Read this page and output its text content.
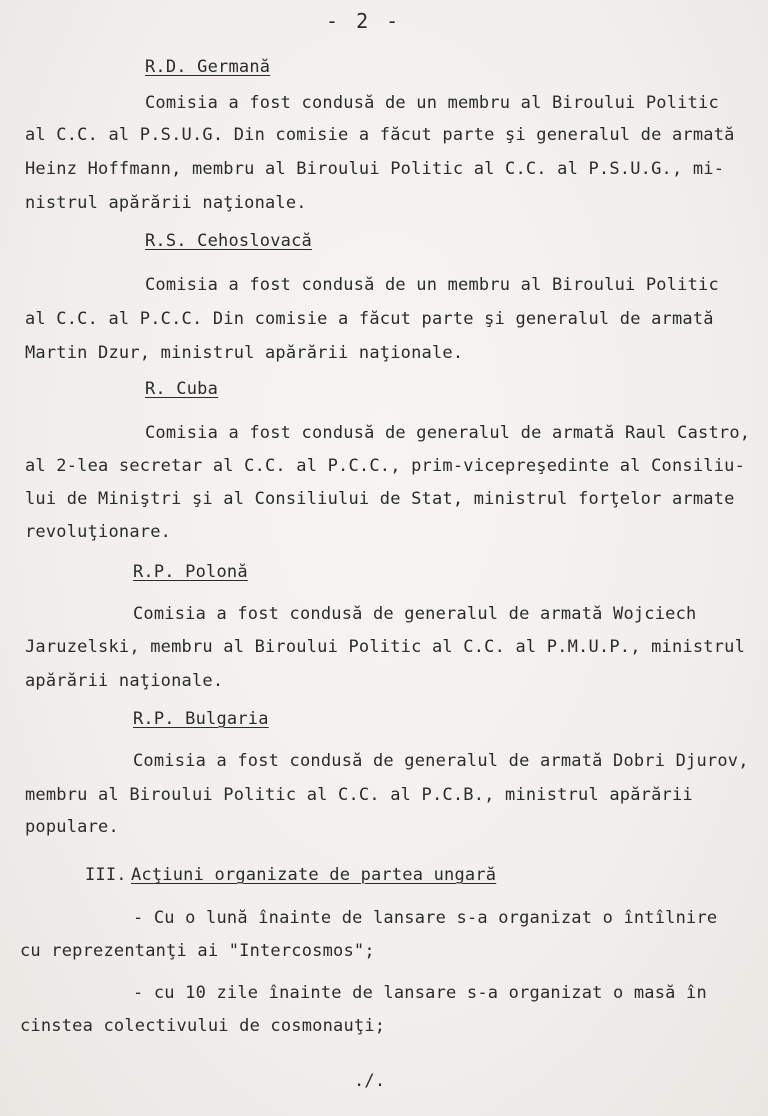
- 2 -
R.D. Germană
Comisia a fost condusă de un membru al Biroului Politic
al C.C. al P.S.U.G. Din comisie a făcut parte şi generalul de armată
Heinz Hoffmann, membru al Biroului Politic al C.C. al P.S.U.G., mi-
nistrul apărării naţionale.
R.S. Cehoslovacă
Comisia a fost condusă de un membru al Biroului Politic
al C.C. al P.C.C. Din comisie a făcut parte şi generalul de armată
Martin Dzur, ministrul apărării naţionale.
R. Cuba
Comisia a fost condusă de generalul de armată Raul Castro,
al 2-lea secretar al C.C. al P.C.C., prim-vicepreşedinte al Consiliu-
lui de Miniştri şi al Consiliului de Stat, ministrul forţelor armate
revoluţionare.
R.P. Polonă
Comisia a fost condusă de generalul de armată Wojciech
Jaruzelski, membru al Biroului Politic al C.C. al P.M.U.P., ministrul
apărării naţionale.
R.P. Bulgaria
Comisia a fost condusă de generalul de armată Dobri Djurov,
membru al Biroului Politic al C.C. al P.C.B., ministrul apărării
populare.
III. Acţiuni organizate de partea ungară
- Cu o lună înainte de lansare s-a organizat o întîlnire
cu reprezentanţi ai "Intercosmos";
- cu 10 zile înainte de lansare s-a organizat o masă în
cinstea colectivului de cosmonauţi;
./.
